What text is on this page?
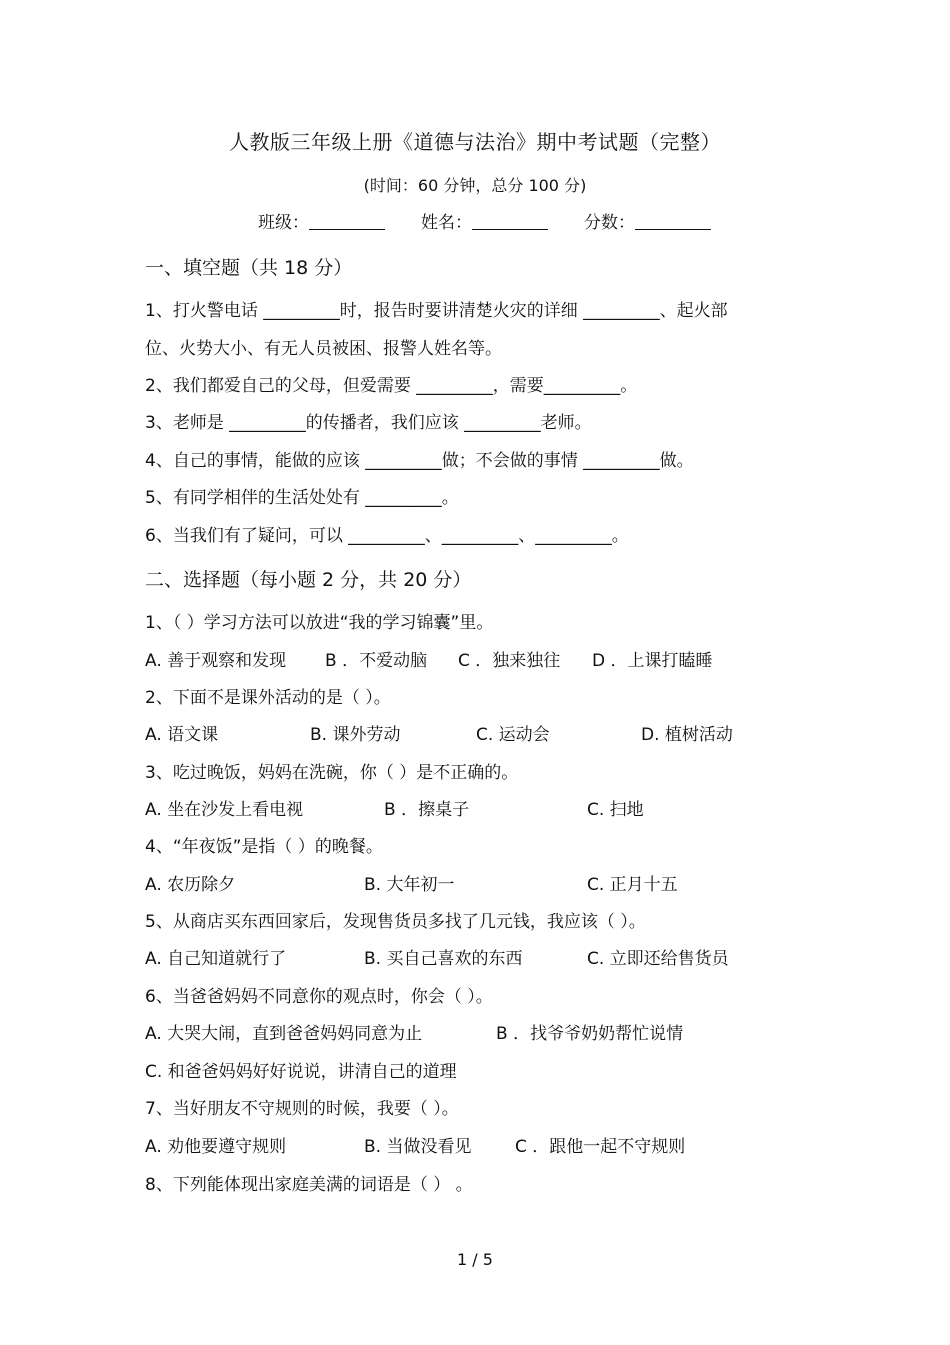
人教版三年级上册《道德与法治》期中考试题（完整）
(时间：60 分钟，总分 100 分)
班级：	姓名：	分数：
一、填空题（共 18 分）
1、打火警电话 _________时，报告时要讲清楚火灾的详细 _________、起火部
位、火势大小、有无人员被困、报警人姓名等。
2、我们都爱自己的父母，但爱需要 _________，需要_________。
3、老师是 _________的传播者，我们应该 _________老师。
4、自己的事情，能做的应该 _________做；不会做的事情 _________做。
5、有同学相伴的生活处处有 _________。
6、当我们有了疑问，可以 _________、_________、_________。
二、选择题（每小题 2 分，共 20 分）
1、（ ）学习方法可以放进“我的学习锦囊”里。
A. 善于观察和发现 B ．不爱动脑 C ．独来独往 D ．上课打瞌睡
2、下面不是课外活动的是（ ）。
A. 语文课	B. 课外劳动	C. 运动会	D. 植树活动
3、吃过晚饭，妈妈在洗碗，你（ ）是不正确的。
A. 坐在沙发上看电视	B ．擦桌子	C. 扫地
4、“年夜饭”是指（ ）的晚餐。
A. 农历除夕	B. 大年初一	C. 正月十五
5、从商店买东西回家后，发现售货员多找了几元钱，我应该（ ）。
A. 自己知道就行了	B. 买自己喜欢的东西	C. 立即还给售货员
6、当爸爸妈妈不同意你的观点时，你会（ ）。
A. 大哭大闹，直到爸爸妈妈同意为止	B ．找爷爷奶奶帮忙说情
C. 和爸爸妈妈好好说说，讲清自己的道理
7、当好朋友不守规则的时候，我要（ ）。
A. 劝他要遵守规则	B. 当做没看见	C ．跟他一起不守规则
8、下列能体现出家庭美满的词语是（ ） 。
1 / 5
